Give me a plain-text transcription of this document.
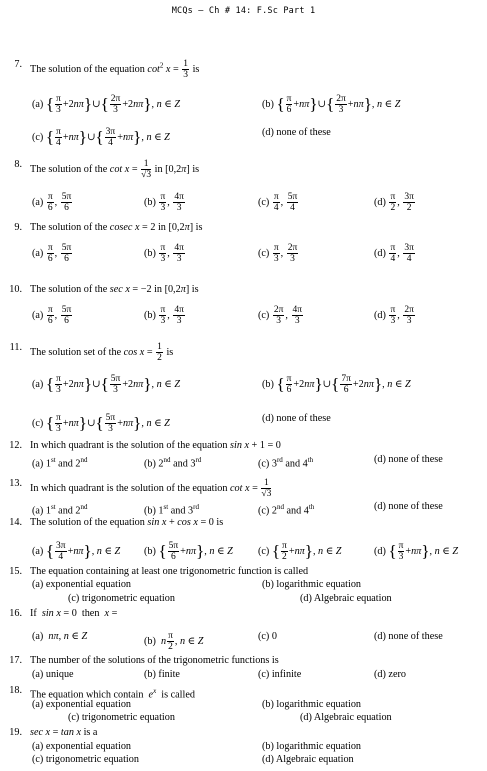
MCQs – Ch # 14: F.Sc Part 1
7. The solution of the equation $\cot^2 x = \frac{1}{3}$ is
(a) { $\frac{\pi}{3}$ +2nπ}∪{ $\frac{2\pi}{3} +2n\pi$}, n ∈ Z	(b) { $\frac{\pi}{6}$ +nπ}∪{ $\frac{2\pi}{3} +n\pi$}, n ∈ Z
(c) { $\frac{\pi}{4}$ +nπ}∪{ $\frac{3\pi}{4} +n\pi$}, n ∈ Z	(d) none of these
8. The solution of the $\cot x = \frac{1}{√3}$ in [0,2π] is
$(a) \frac{\pi}{6}$ , $\frac{5\pi}{6}$	$(b) \frac{\pi}{3}$ , $\frac{4\pi}{3}$	$(c) \frac{\pi}{4}$ , $\frac{5\pi}{4}$	$(d) \frac{\pi}{2}$ , $\frac{3\pi}{2}$
9. The solution of the cosec x = 2 in [0,2π] is
$(a) \frac{\pi}{6}$ , $\frac{5\pi}{6}$	$(b) \frac{\pi}{3}$ , $\frac{4\pi}{3}$	$(c) \frac{\pi}{3}$ , $\frac{2\pi}{3}$	$(d) \frac{\pi}{4}$ , $\frac{3\pi}{4}$
10. The solution of the sec x = −2 in [0,2π] is
$(a) \frac{\pi}{6}$ , $\frac{5\pi}{6}$	$(b) \frac{\pi}{3}$ , $\frac{4\pi}{3}$	$(c) \frac{2\pi}{3}$ , $\frac{4\pi}{3}$	$(d) \frac{\pi}{3}$ , $\frac{2\pi}{3}$
11. The solution set of the $\cos x = \frac{1}{2}$ is
(a) { $\frac{\pi}{3}$ +2nπ}∪{ $\frac{5\pi}{3} +2n\pi$}, n ∈ Z	(b) { $\frac{\pi}{6}$ +2nπ}∪{ $\frac{7\pi}{6} +2n\pi$}, n ∈ Z
(c) { $\frac{\pi}{3}$ +nπ}∪{ $\frac{5\pi}{3} +n\pi$}, n ∈ Z	(d) none of these
12. In which quadrant is the solution of the equation sin x + 1 = 0
(a) 1st and 2nd	(b) 2nd and 3rd	(c) 3rd and 4th	(d) none of these
13. In which quadrant is the solution of the equation $\cot x = \frac{1}{√3}$
(a) 1st and 2nd	(b) 1st and 3rd	(c) 2nd and 4th	(d) none of these
14. The solution of the equation sin x + cos x = 0 is
(a) { $\frac{3\pi}{4} +n\pi$}, n ∈ Z (b) { $\frac{5\pi}{6} +n\pi$}, n ∈ Z (c) { $\frac{\pi}{2} +n\pi$}, n ∈ Z	(d) { $\frac{\pi}{3} +n\pi$}, n ∈ Z
15. The equation containing at least one trigonometric function is called
(a) exponential equation	(b) logarithmic equation
(c) trigonometric equation	(d) Algebraic equation
16. If  sin x = 0  then  x =
(a)  nπ, n ∈ Z	(b)  n $\frac{\pi}{2}$ , n ∈ Z	(c) 0	(d) none of these
17. The number of the solutions of the trigonometric functions is
(a) unique	(b) finite	(c) infinite	(d) zero
18. The equation which contain  $e^x$  is called
(a) exponential equation	(b) logarithmic equation
(c) trigonometric equation	(d) Algebraic equation
19. sec x = tan x is a
(a) exponential equation	(b) logarithmic equation
(c) trigonometric equation	(d) Algebraic equation
